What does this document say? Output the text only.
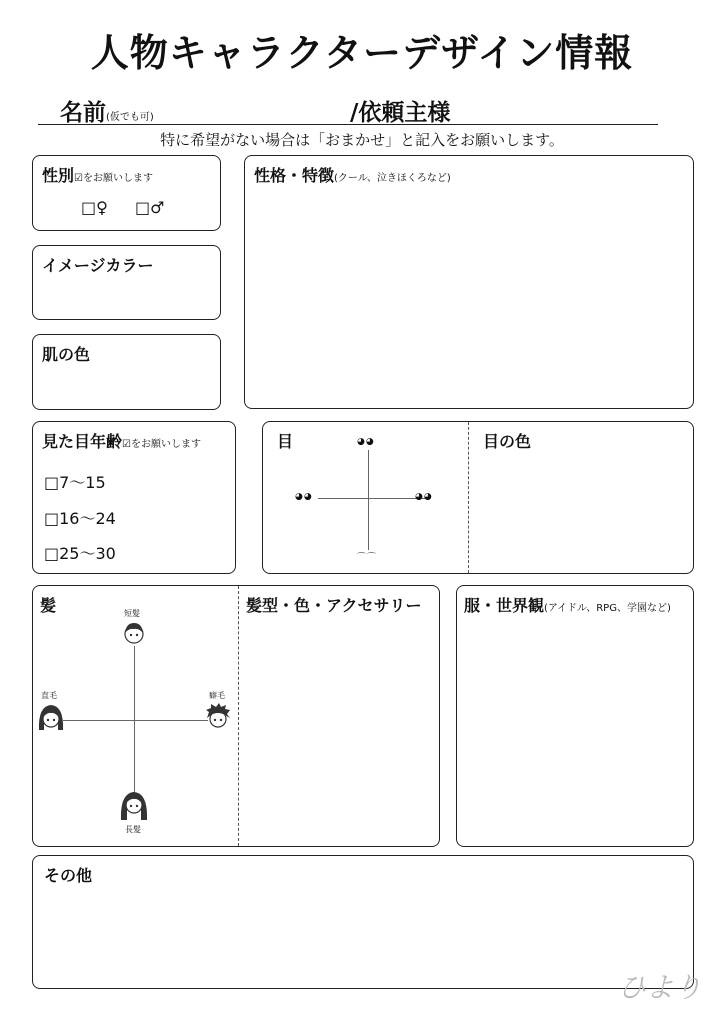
人物キャラクターデザイン情報
名前(仮でも可)	/依頼主様
特に希望がない場合は「おまかせ」と記入をお願いします。
性別☑をお願いします
□♀ □♂
性格・特徴(クール、泣きほくろなど)
イメージカラー
肌の色
見た目年齢☑をお願いします
□7〜15
□16〜24
□25〜30
目	◕◕
◕◕	◕◕
⌒⌒
目の色
髪	短髪
直毛	癖毛
長髪
髪型・色・アクセサリー	服・世界観(アイドル、RPG、学園など)
その他
ひより
